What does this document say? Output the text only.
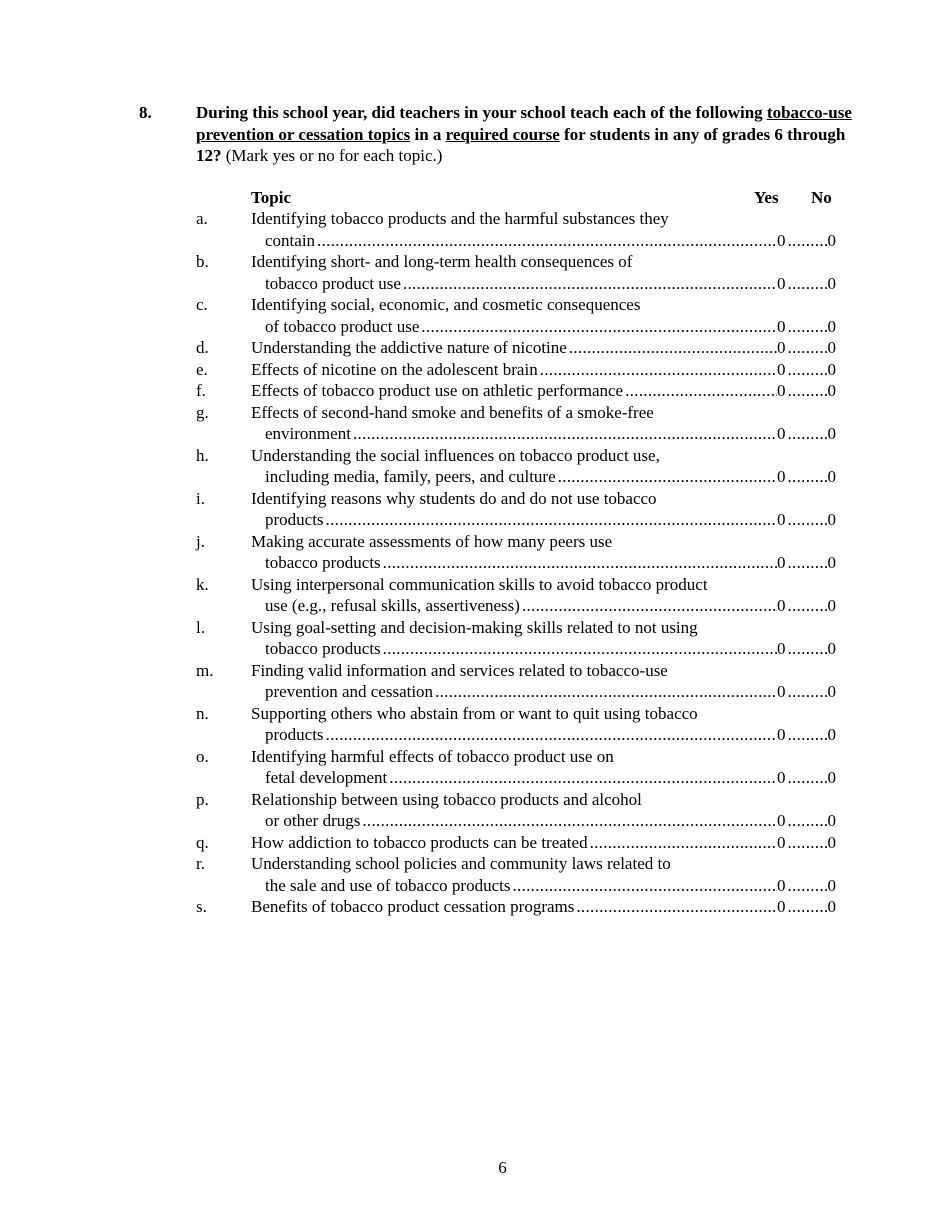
8.	During this school year, did teachers in your school teach each of the following tobacco-use prevention or cessation topics in a required course for students in any of grades 6 through 12? (Mark yes or no for each topic.)
Topic	Yes No
a.	Identifying tobacco products and the harmful substances they
contain .....	0 ..... 0
b. Identifying short- and long-term health consequences of
tobacco product use .....	0 ..... 0
c.	Identifying social, economic, and cosmetic consequences
of tobacco product use .....	0 ..... 0
d. Understanding the addictive nature of nicotine .....	0 ..... 0
e.	Effects of nicotine on the adolescent brain .....	0 ..... 0
f.	Effects of tobacco product use on athletic performance .....	0 ..... 0
g. Effects of second-hand smoke and benefits of a smoke-free
environment .....	0 ..... 0
h. Understanding the social influences on tobacco product use,
including media, family, peers, and culture .....	0 ..... 0
i.	Identifying reasons why students do and do not use tobacco
products .....	0 ..... 0
j.	Making accurate assessments of how many peers use
tobacco products .....	0 ..... 0
k. Using interpersonal communication skills to avoid tobacco product
use (e.g., refusal skills, assertiveness) .....	0 ..... 0
l.	Using goal-setting and decision-making skills related to not using
tobacco products .....	0 ..... 0
m. Finding valid information and services related to tobacco-use
prevention and cessation .....	0 ..... 0
n. Supporting others who abstain from or want to quit using tobacco
products .....	0 ..... 0
o. Identifying harmful effects of tobacco product use on
fetal development .....	0 ..... 0
p. Relationship between using tobacco products and alcohol
or other drugs .....	0 ..... 0
q. How addiction to tobacco products can be treated .....	0 ..... 0
r.	Understanding school policies and community laws related to
the sale and use of tobacco products .....	0 ..... 0
s.	Benefits of tobacco product cessation programs .....	0 ..... 0
6
